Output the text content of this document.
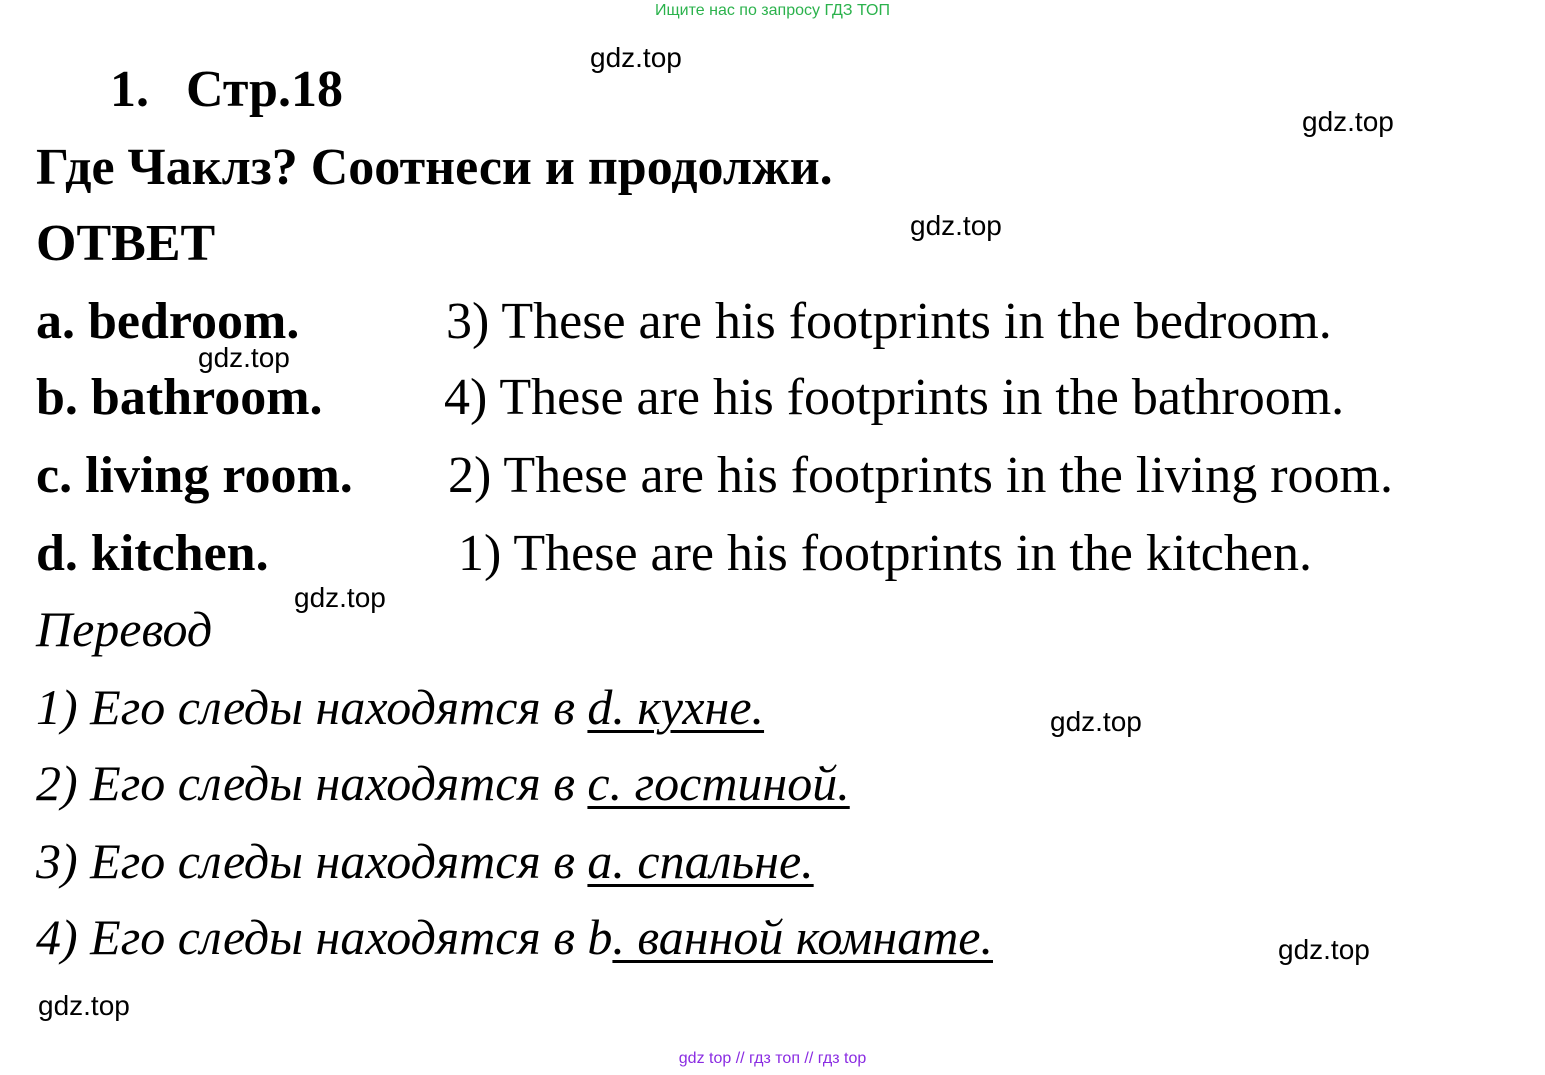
Ищите нас по запросу ГДЗ ТОП
gdz.top
gdz.top
gdz.top
gdz.top
gdz.top
gdz.top
gdz.top
gdz.top
1. Стр.18
Где Чаклз? Соотнеси и продолжи.
ОТВЕТ
a. bedroom.	3) These are his footprints in the bedroom.
b. bathroom. 4) These are his footprints in the bathroom.
c. living room. 2) These are his footprints in the living room.
d. kitchen.	1) These are his footprints in the kitchen.
Перевод
1) Его следы находятся в d. кухне.
2) Его следы находятся в c. гостиной.
3) Его следы находятся в a. спальне.
4) Его следы находятся в b. ванной комнате.
gdz top // гдз топ // гдз top
